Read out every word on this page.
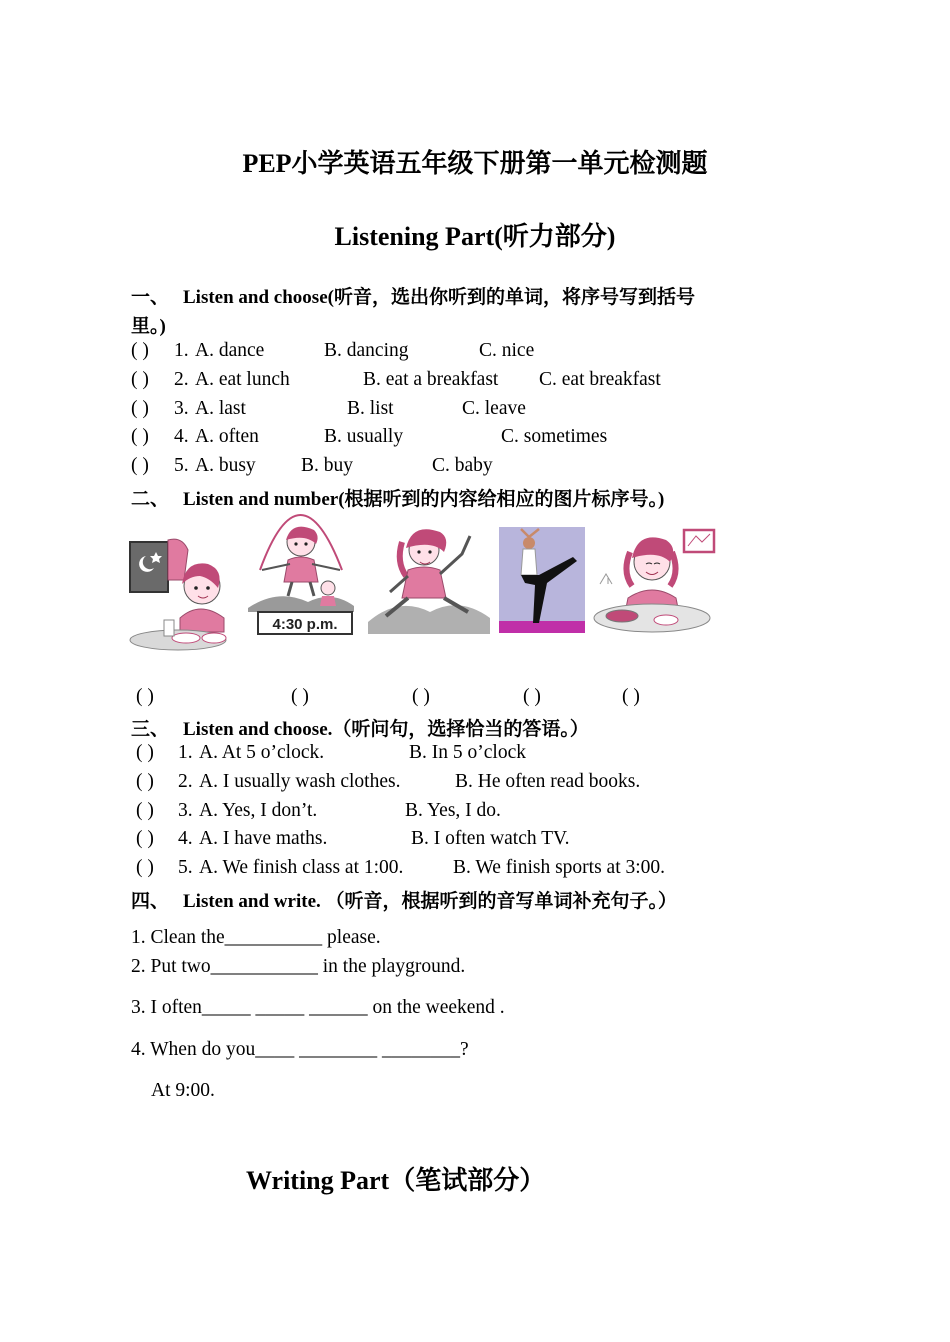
PEP小学英语五年级下册第一单元检测题
Listening Part(听力部分)
一、 Listen and choose(听音，选出你听到的单词，将序号写到括号
里。)
( ) 1. A. dance	B. dancing	C. nice
( ) 2. A. eat lunch	B. eat a breakfast C. eat breakfast
( ) 3. A. last	B. list	C. leave
( ) 4. A. often	B. usually	C. sometimes
( ) 5. A. busy B. buy	C. baby
二、 Listen and number(根据听到的内容给相应的图片标序号。)
4:30 p.m.
( )	( )	( )	( )	( )
三、 Listen and choose.（听问句，选择恰当的答语。）
( ) 1. A. At 5 o’clock.	B. In 5 o’clock
( ) 2. A. I usually wash clothes.	B. He often read books.
( ) 3. A. Yes, I don’t.	B. Yes, I do.
( ) 4. A. I have maths.	B. I often watch TV.
( ) 5. A. We finish class at 1:00.	B. We finish sports at 3:00.
四、 Listen and write. （听音，根据听到的音写单词补充句子。）
1. Clean the__________ please.
2. Put two___________ in the playground.
3. I often_____ _____ ______ on the weekend .
4. When do you____ ________ ________?
At 9:00.
Writing Part（笔试部分）
